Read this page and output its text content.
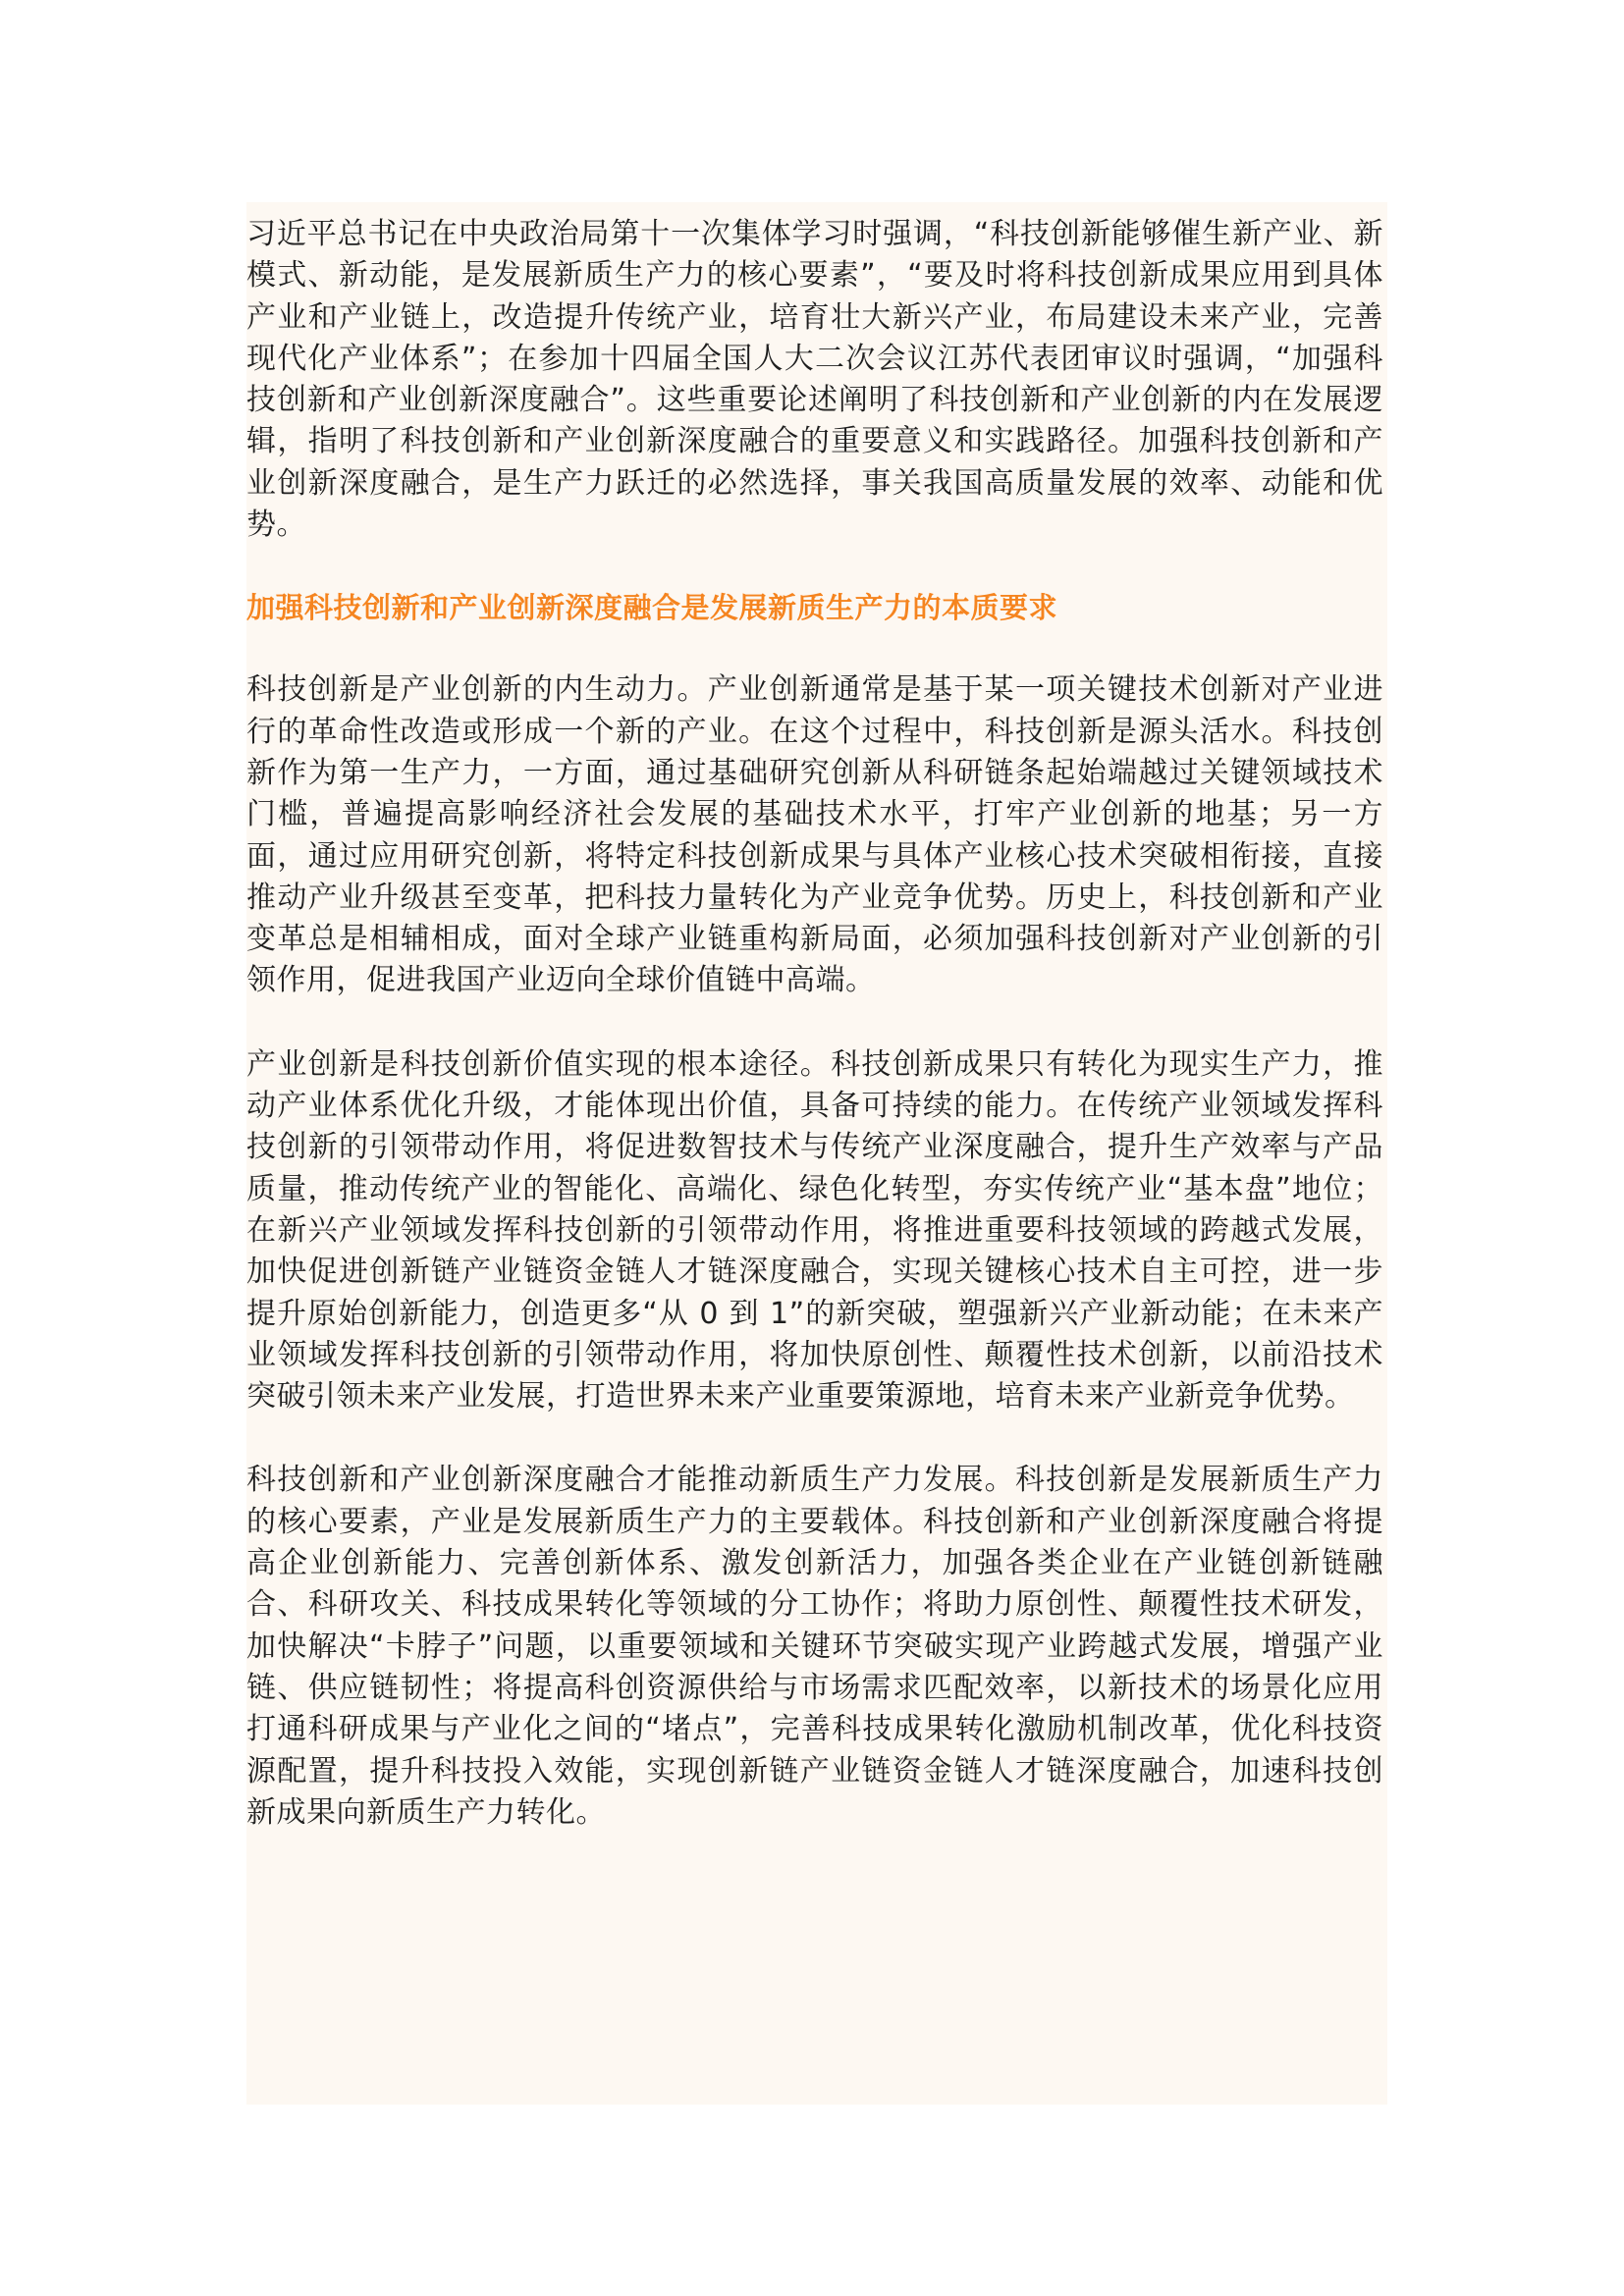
习近平总书记在中央政治局第十一次集体学习时强调，“科技创新能够催生新产业、新模式、新动能，是发展新质生产力的核心要素”，“要及时将科技创新成果应用到具体产业和产业链上，改造提升传统产业，培育壮大新兴产业，布局建设未来产业，完善现代化产业体系”；在参加十四届全国人大二次会议江苏代表团审议时强调，“加强科技创新和产业创新深度融合”。这些重要论述阐明了科技创新和产业创新的内在发展逻辑，指明了科技创新和产业创新深度融合的重要意义和实践路径。加强科技创新和产业创新深度融合，是生产力跃迁的必然选择，事关我国高质量发展的效率、动能和优势。

加强科技创新和产业创新深度融合是发展新质生产力的本质要求

科技创新是产业创新的内生动力。产业创新通常是基于某一项关键技术创新对产业进行的革命性改造或形成一个新的产业。在这个过程中，科技创新是源头活水。科技创新作为第一生产力，一方面，通过基础研究创新从科研链条起始端越过关键领域技术门槛，普遍提高影响经济社会发展的基础技术水平，打牢产业创新的地基；另一方面，通过应用研究创新，将特定科技创新成果与具体产业核心技术突破相衔接，直接推动产业升级甚至变革，把科技力量转化为产业竞争优势。历史上，科技创新和产业变革总是相辅相成，面对全球产业链重构新局面，必须加强科技创新对产业创新的引领作用，促进我国产业迈向全球价值链中高端。

产业创新是科技创新价值实现的根本途径。科技创新成果只有转化为现实生产力，推动产业体系优化升级，才能体现出价值，具备可持续的能力。在传统产业领域发挥科技创新的引领带动作用，将促进数智技术与传统产业深度融合，提升生产效率与产品质量，推动传统产业的智能化、高端化、绿色化转型，夯实传统产业“基本盘”地位；在新兴产业领域发挥科技创新的引领带动作用，将推进重要科技领域的跨越式发展，加快促进创新链产业链资金链人才链深度融合，实现关键核心技术自主可控，进一步提升原始创新能力，创造更多“从 0 到 1”的新突破，塑强新兴产业新动能；在未来产业领域发挥科技创新的引领带动作用，将加快原创性、颠覆性技术创新，以前沿技术突破引领未来产业发展，打造世界未来产业重要策源地，培育未来产业新竞争优势。

科技创新和产业创新深度融合才能推动新质生产力发展。科技创新是发展新质生产力的核心要素，产业是发展新质生产力的主要载体。科技创新和产业创新深度融合将提高企业创新能力、完善创新体系、激发创新活力，加强各类企业在产业链创新链融合、科研攻关、科技成果转化等领域的分工协作；将助力原创性、颠覆性技术研发，加快解决“卡脖子”问题，以重要领域和关键环节突破实现产业跨越式发展，增强产业链、供应链韧性；将提高科创资源供给与市场需求匹配效率，以新技术的场景化应用打通科研成果与产业化之间的“堵点”，完善科技成果转化激励机制改革，优化科技资源配置，提升科技投入效能，实现创新链产业链资金链人才链深度融合，加速科技创新成果向新质生产力转化。
